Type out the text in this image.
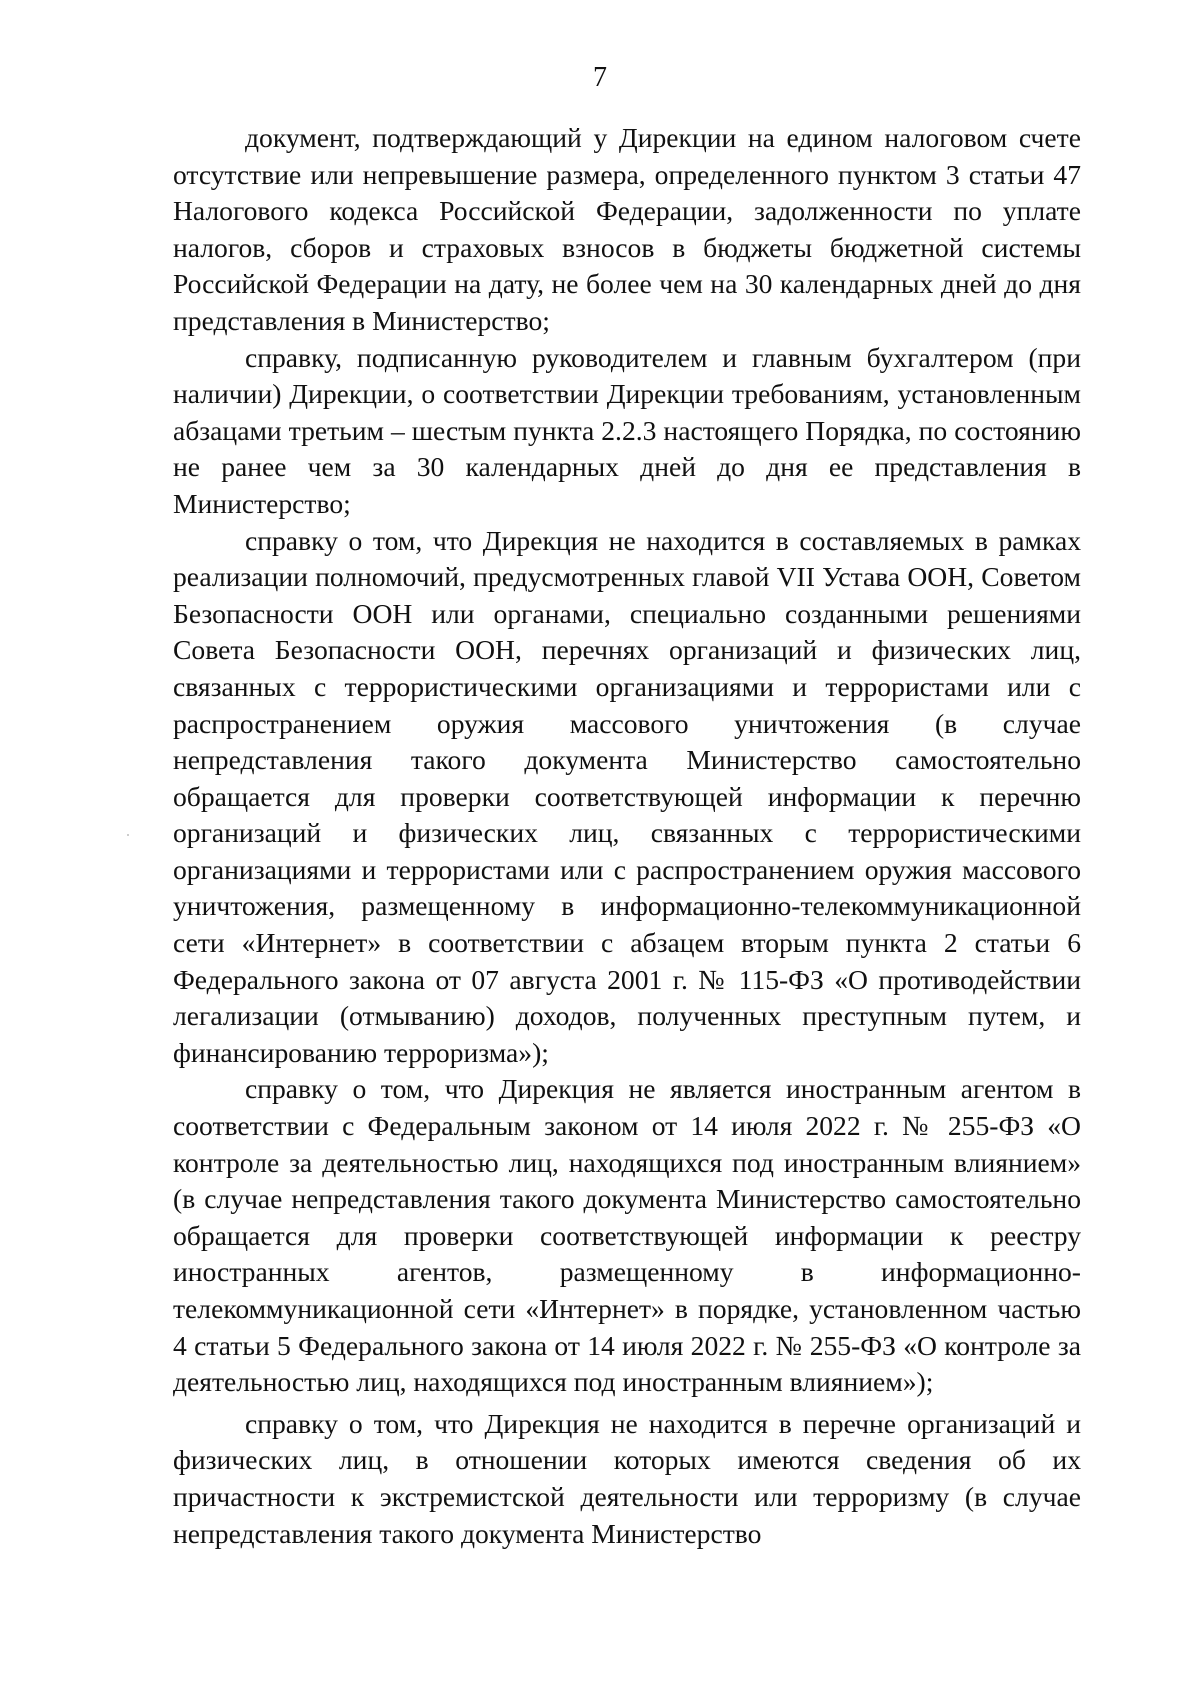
7

документ, подтверждающий у Дирекции на едином налоговом счете отсутствие или непревышение размера, определенного пунктом 3 статьи 47 Налогового кодекса Российской Федерации, задолженности по уплате налогов, сборов и страховых взносов в бюджеты бюджетной системы Российской Федерации на дату, не более чем на 30 календарных дней до дня представления в Министерство;

справку, подписанную руководителем и главным бухгалтером (при наличии) Дирекции, о соответствии Дирекции требованиям, установленным абзацами третьим – шестым пункта 2.2.3 настоящего Порядка, по состоянию не ранее чем за 30 календарных дней до дня ее представления в Министерство;

справку о том, что Дирекция не находится в составляемых в рамках реализации полномочий, предусмотренных главой VII Устава ООН, Советом Безопасности ООН или органами, специально созданными решениями Совета Безопасности ООН, перечнях организаций и физических лиц, связанных с террористическими организациями и террористами или с распространением оружия массового уничтожения (в случае непредставления такого документа Министерство самостоятельно обращается для проверки соответствующей информации к перечню организаций и физических лиц, связанных с террористическими организациями и террористами или с распространением оружия массового уничтожения, размещенному в информационно-телекоммуникационной сети «Интернет» в соответствии с абзацем вторым пункта 2 статьи 6 Федерального закона от 07 августа 2001 г. № 115-ФЗ «О противодействии легализации (отмыванию) доходов, полученных преступным путем, и финансированию терроризма»);

справку о том, что Дирекция не является иностранным агентом в соответствии с Федеральным законом от 14 июля 2022 г. № 255-ФЗ «О контроле за деятельностью лиц, находящихся под иностранным влиянием» (в случае непредставления такого документа Министерство самостоятельно обращается для проверки соответствующей информации к реестру иностранных агентов, размещенному в информационно-телекоммуникационной сети «Интернет» в порядке, установленном частью 4 статьи 5 Федерального закона от 14 июля 2022 г. № 255-ФЗ «О контроле за деятельностью лиц, находящихся под иностранным влиянием»);

справку о том, что Дирекция не находится в перечне организаций и физических лиц, в отношении которых имеются сведения об их причастности к экстремистской деятельности или терроризму (в случае непредставления такого документа Министерство
